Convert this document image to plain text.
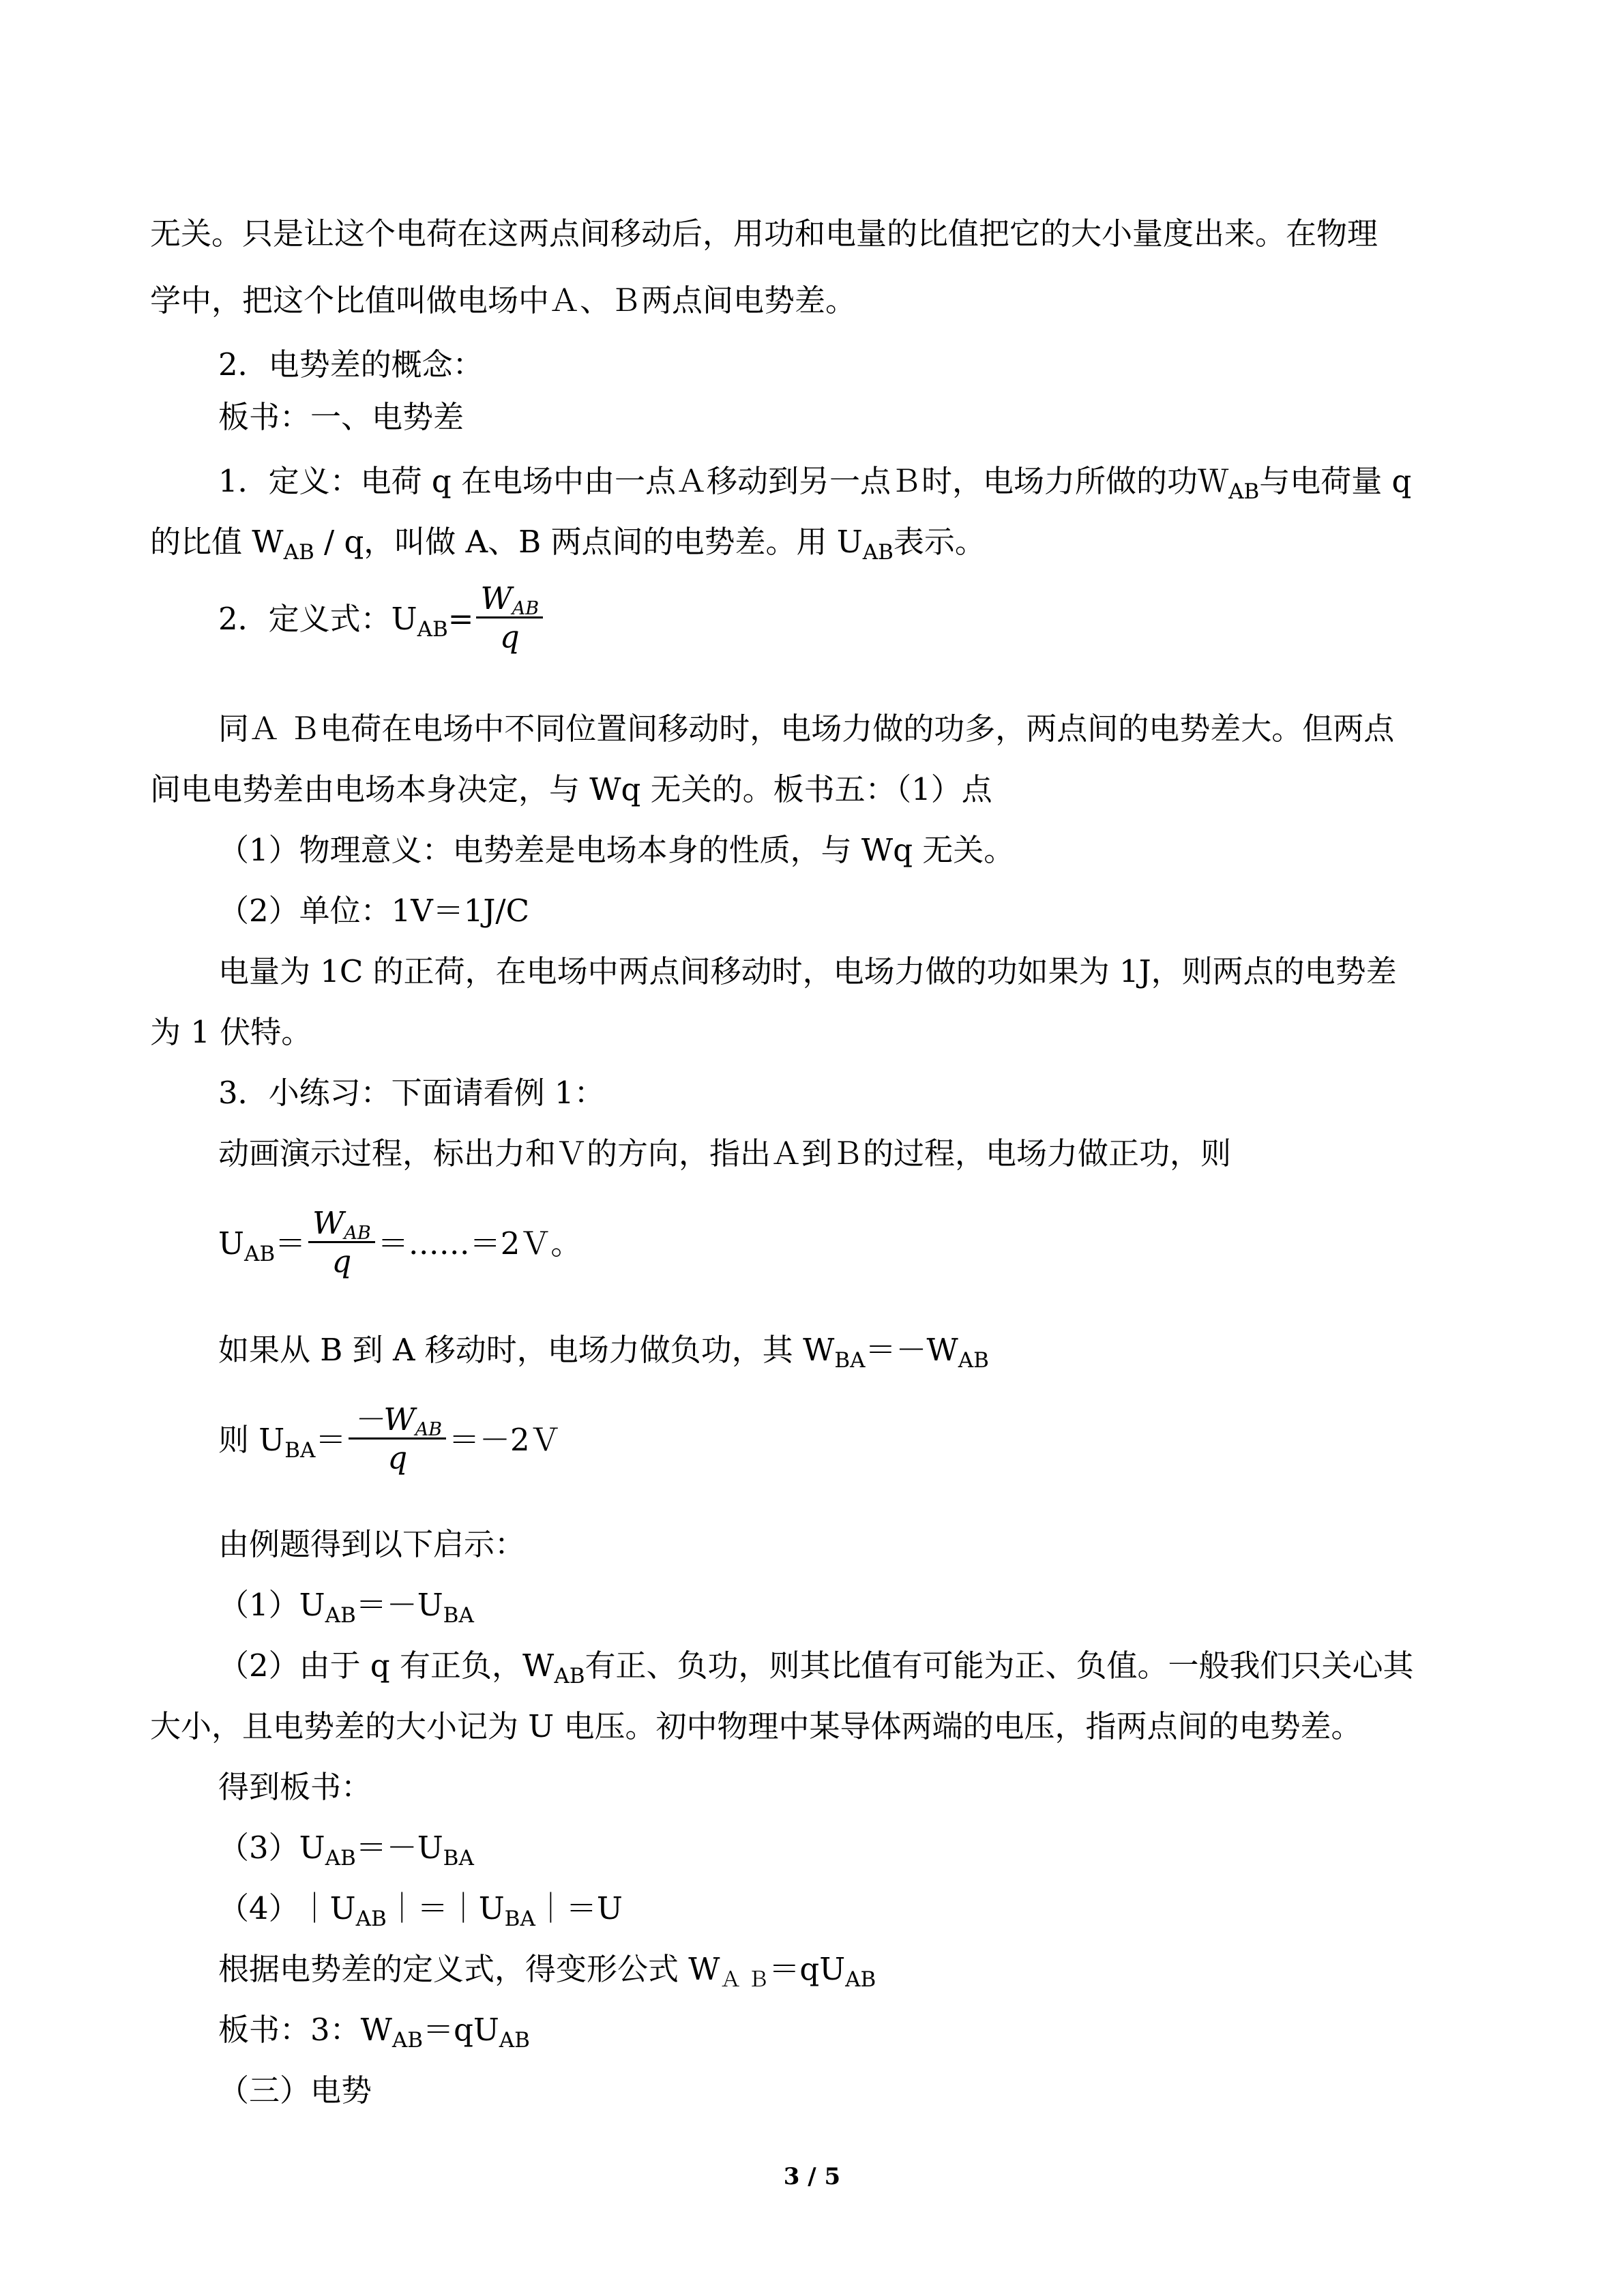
无关。只是让这个电荷在这两点间移动后，用功和电量的比值把它的大小量度出来。在物理
学中，把这个比值叫做电场中Ａ、Ｂ两点间电势差。
2．电势差的概念：
板书：一、电势差
1．定义：电荷 q 在电场中由一点Ａ移动到另一点Ｂ时，电场力所做的功Ｗ$_{AB}$与电荷量 q
的比值 $W_{AB}$ / q，叫做 A、B 两点间的电势差。用 $U_{AB}$表示。
2．定义式：$U_{AB}= \frac{W_{AB}}{q}$
同Ａ Ｂ电荷在电场中不同位置间移动时，电场力做的功多，两点间的电势差大。但两点
间电电势差由电场本身决定，与 Wq 无关的。板书五：（1）点
（1）物理意义：电势差是电场本身的性质，与 Wq 无关。
（2）单位：1V＝1J/C
电量为 1C 的正荷，在电场中两点间移动时，电场力做的功如果为 1J，则两点的电势差
为 1 伏特。
3．小练习：下面请看例 1：
动画演示过程，标出力和Ｖ的方向，指出Ａ到Ｂ的过程，电场力做正功，则
$U_{AB}= \frac{W_{AB}}{q}$ ＝……＝2Ｖ。
如果从 B 到 A 移动时，电场力做负功，其 $W_{BA}=-W_{AB}$
则 $U_{BA}= \frac{-W_{AB}}{q}$ ＝－2Ｖ
由例题得到以下启示：
$(1)U_{AB}=-U_{BA}$
（2）由于 q 有正负，$W_{AB}$有正、负功，则其比值有可能为正、负值。一般我们只关心其
大小，且电势差的大小记为 U 电压。初中物理中某导体两端的电压，指两点间的电势差。
得到板书：
$(3)U_{AB}=-U_{BA}$
$(4)|U_{AB}|=|U_{BA}|=U$
根据电势差的定义式，得变形公式 $W_{A B}=qU_{AB}$
板书：3：$W_{AB}=qU_{AB}$
（三）电势
3 / 5
